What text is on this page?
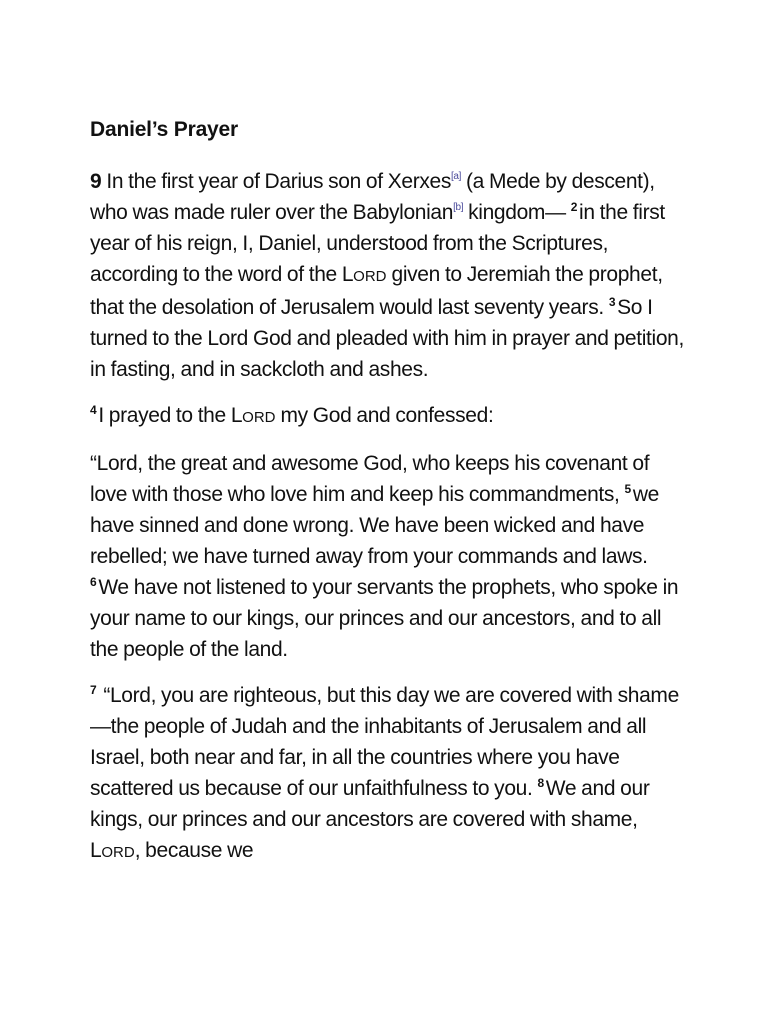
Daniel’s Prayer

9 In the first year of Darius son of Xerxes[a] (a Mede by descent), who was made ruler over the Babylonian[b] kingdom— $^2$in the first year of his reign, I, Daniel, understood from the Scriptures, according to the word of the LORD given to Jeremiah the prophet, that the desolation of Jerusalem would last seventy years. $^3$So I turned to the Lord God and pleaded with him in prayer and petition, in fasting, and in sackcloth and ashes.

$^4$I prayed to the LORD my God and confessed:

“Lord, the great and awesome God, who keeps his covenant of love with those who love him and keep his commandments, $^5$we have sinned and done wrong. We have been wicked and have rebelled; we have turned away from your commands and laws. $^6$We have not listened to your servants the prophets, who spoke in your name to our kings, our princes and our ancestors, and to all the people of the land.

$^7$ “Lord, you are righteous, but this day we are covered with shame—the people of Judah and the inhabitants of Jerusalem and all Israel, both near and far, in all the countries where you have scattered us because of our unfaithfulness to you. $^8$We and our kings, our princes and our ancestors are covered with shame, LORD, because we
